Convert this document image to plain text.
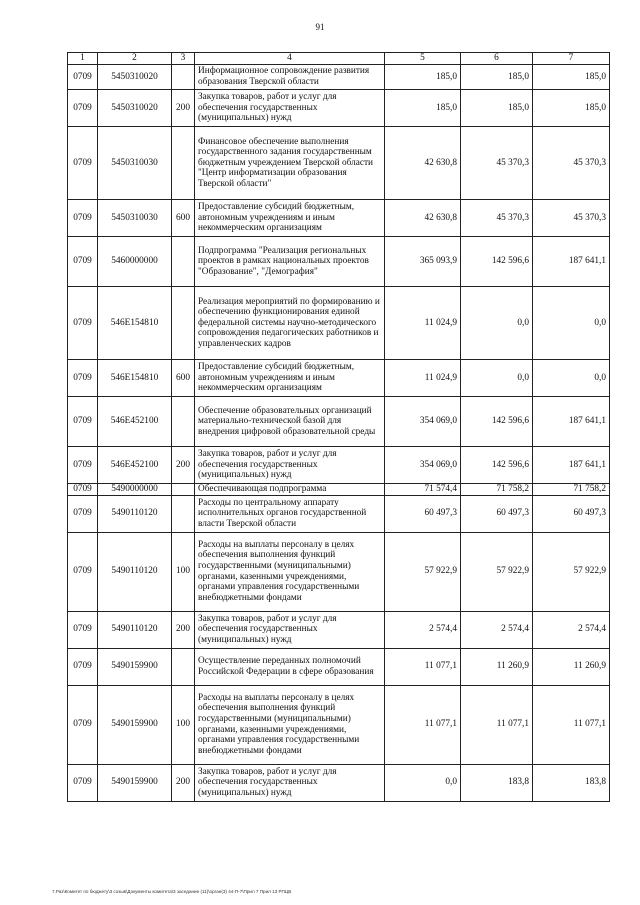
91
1	2	3	4	5	6	7
0709	5450310020		Информационное сопровождение развития образования Тверской области	185,0	185,0	185,0
0709	5450310020	200	Закупка товаров, работ и услуг для обеспечения государственных (муниципальных) нужд	185,0	185,0	185,0
0709	5450310030		Финансовое обеспечение выполнения государственного задания государственным бюджетным учреждением Тверской области "Центр информатизации образования Тверской области"	42 630,8	45 370,3	45 370,3
0709	5450310030	600	Предоставление субсидий бюджетным, автономным учреждениям и иным некоммерческим организациям	42 630,8	45 370,3	45 370,3
0709	5460000000		Подпрограмма "Реализация региональных проектов в рамках национальных проектов "Образование", "Демография"	365 093,9	142 596,6	187 641,1
0709	546E154810		Реализация мероприятий по формированию и обеспечению функционирования единой федеральной системы научно-методического сопровождения педагогических работников и управленческих кадров	11 024,9	0,0	0,0
0709	546E154810	600	Предоставление субсидий бюджетным, автономным учреждениям и иным некоммерческим организациям	11 024,9	0,0	0,0
0709	546E452100		Обеспечение образовательных организаций материально-технической базой для внедрения цифровой образовательной среды	354 069,0	142 596,6	187 641,1
0709	546E452100	200	Закупка товаров, работ и услуг для обеспечения государственных (муниципальных) нужд	354 069,0	142 596,6	187 641,1
0709	5490000000		Обеспечивающая подпрограмма	71 574,4	71 758,2	71 758,2
0709	5490110120		Расходы по центральному аппарату исполнительных органов государственной власти Тверской области	60 497,3	60 497,3	60 497,3
0709	5490110120	100	Расходы на выплаты персоналу в целях обеспечения выполнения функций государственными (муниципальными) органами, казенными учреждениями, органами управления государственными внебюджетными фондами	57 922,9	57 922,9	57 922,9
0709	5490110120	200	Закупка товаров, работ и услуг для обеспечения государственных (муниципальных) нужд	2 574,4	2 574,4	2 574,4
0709	5490159900		Осуществление переданных полномочий Российской Федерации в сфере образования	11 077,1	11 260,9	11 260,9
0709	5490159900	100	Расходы на выплаты персоналу в целях обеспечения выполнения функций государственными (муниципальными) органами, казенными учреждениями, органами управления государственными внебюджетными фондами	11 077,1	11 077,1	11 077,1
0709	5490159900	200	Закупка товаров, работ и услуг для обеспечения государственных (муниципальных) нужд	0,0	183,8	183,8
7.Раз\Комитет по бюджету\3 созыв\Документы комитета\3 заседание (11)\орган(3) 44-П-7\Прил 7 Прил 13 РПЦВ
